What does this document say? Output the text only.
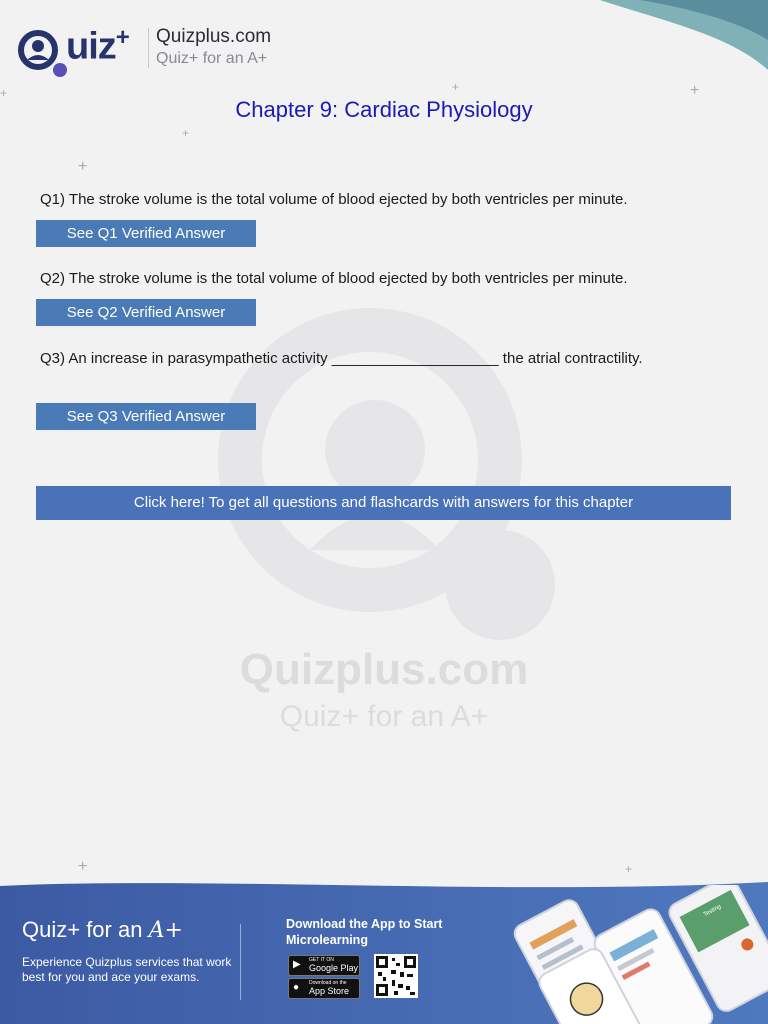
Quizplus.com
Quiz+ for an A+
+
+
+	+
+
+	+
uiz+ Quizplus.com
Quiz+ for an A+
Chapter 9: Cardiac Physiology
Q1) The stroke volume is the total volume of blood ejected by both ventricles per minute.
See Q1 Verified Answer
Q2) The stroke volume is the total volume of blood ejected by both ventricles per minute.
See Q2 Verified Answer
Q3) An increase in parasympathetic activity ____________________ the atrial contractility.
See Q3 Verified Answer
Click here! To get all questions and flashcards with answers for this chapter
Quiz+ for an A+
Experience Quizplus services that work best for you and ace your exams.
Download the App to Start Microlearning
▶ GET IT ON
Google Play
● Download on the
App Store
Testing
